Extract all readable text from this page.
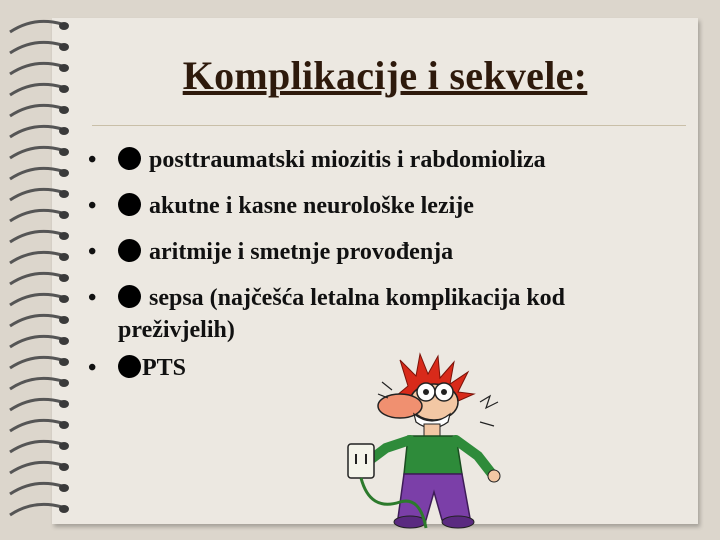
Komplikacije i sekvele:
•	posttraumatski miozitis i rabdomioliza
•	akutne i kasne neurološke lezije
•	aritmije i smetnje provođenja
•	sepsa (najčešća letalna komplikacija kod preživjelih)
•	PTS
